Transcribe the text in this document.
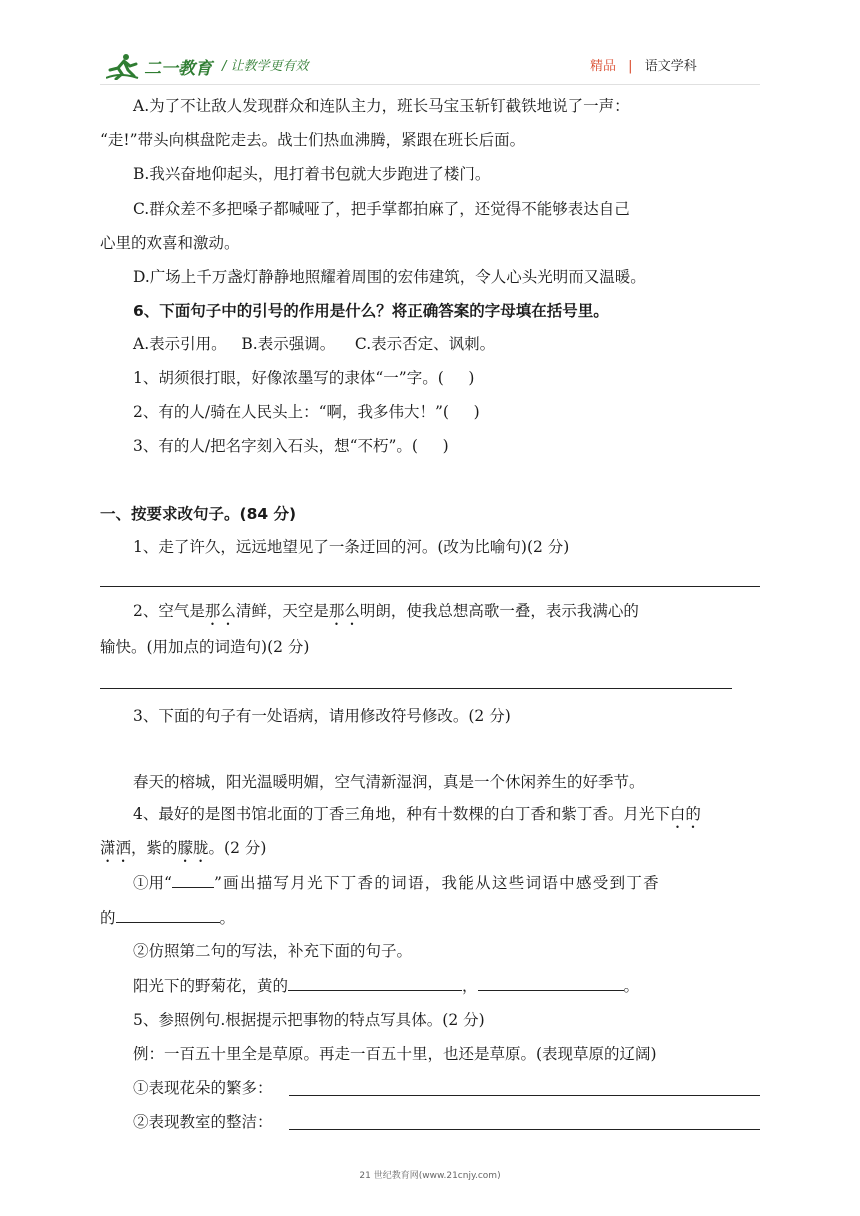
二一教育 / 让教学更有效	精品 | 语文学科
A.为了不让敌人发现群众和连队主力，班长马宝玉斩钉截铁地说了一声：
“走!”带头向棋盘陀走去。战士们热血沸腾，紧跟在班长后面。
B.我兴奋地仰起头，甩打着书包就大步跑进了楼门。
C.群众差不多把嗓子都喊哑了，把手掌都拍麻了，还觉得不能够表达自己
心里的欢喜和激动。
D.广场上千万盏灯静静地照耀着周围的宏伟建筑，令人心头光明而又温暖。
6、下面句子中的引号的作用是什么？将正确答案的字母填在括号里。
A.表示引用。   B.表示强调。    C.表示否定、讽刺。
1、胡须很打眼，好像浓墨写的隶体“一”字。(     )
2、有的人/骑在人民头上：“啊，我多伟大！”(     )
3、有的人/把名字刻入石头，想“不朽”。(     )
一、按要求改句子。(84 分)
1、走了许久，远远地望见了一条迂回的河。(改为比喻句)(2 分)
2、空气是那么清鲜，天空是那么明朗，使我总想高歌一叠，表示我满心的
输快。(用加点的词造句)(2 分)
3、下面的句子有一处语病，请用修改符号修改。(2 分)
春天的榕城，阳光温暖明媚，空气清新湿润，真是一个休闲养生的好季节。
4、最好的是图书馆北面的丁香三角地，种有十数棵的白丁香和紫丁香。月光下白的
潇洒，紫的朦胧。(2 分)
①用“	”画出描写月光下丁香的词语，我能从这些词语中感受到丁香
的	。
②仿照第二句的写法，补充下面的句子。
阳光下的野菊花，黄的	，	。
5、参照例句.根据提示把事物的特点写具体。(2 分)
例：一百五十里全是草原。再走一百五十里，也还是草原。(表现草原的辽阔)
①表现花朵的繁多：
②表现教室的整洁：
21 世纪教育网(www.21cnjy.com)
